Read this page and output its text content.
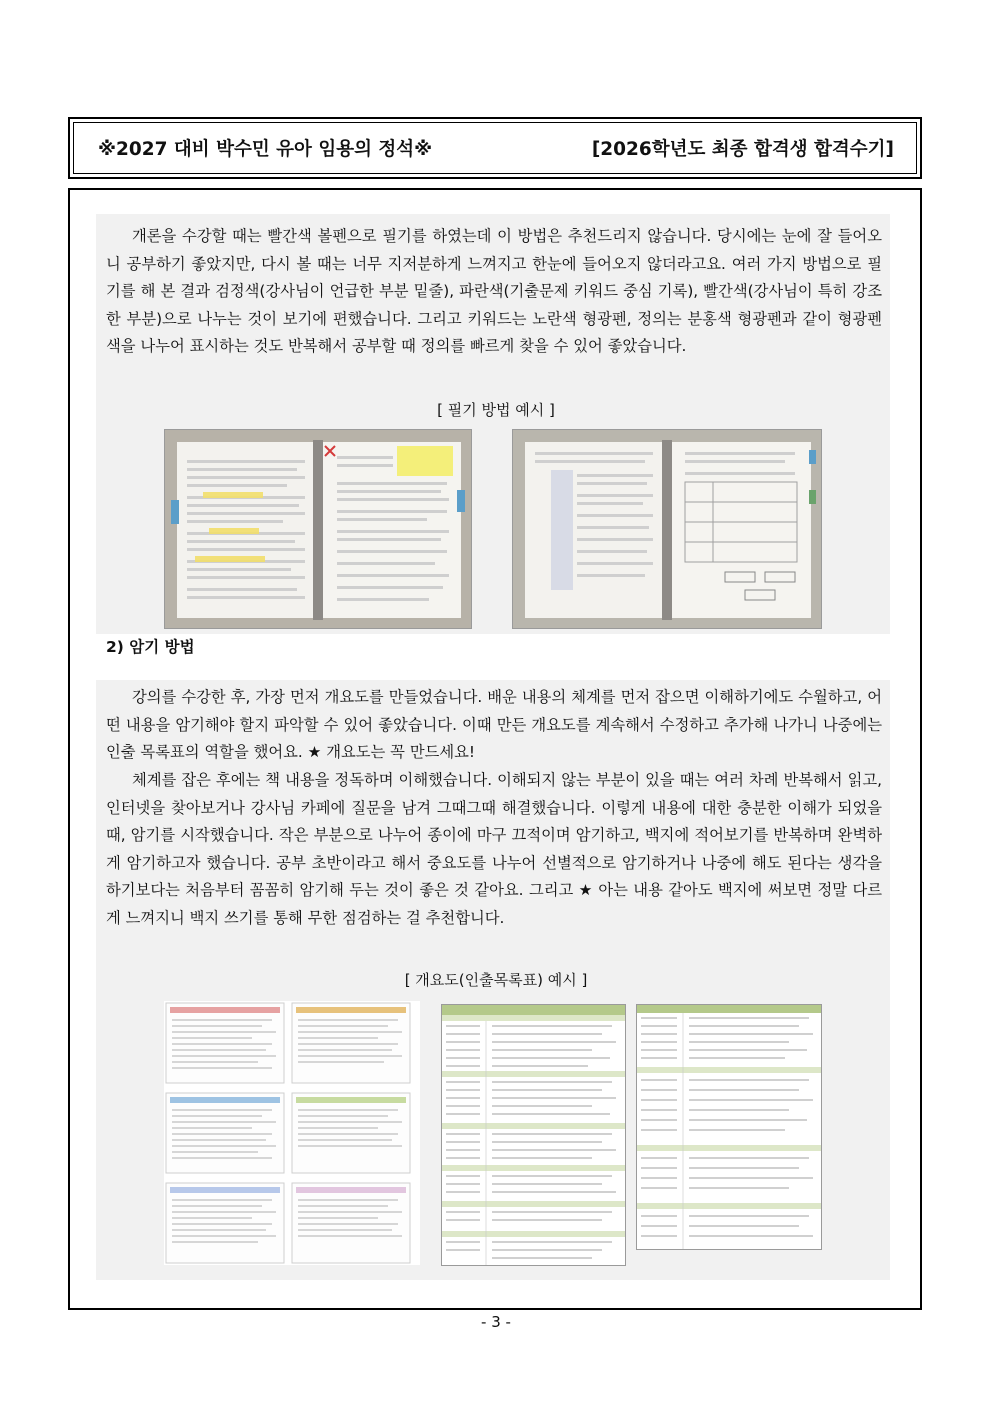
※2027 대비 박수민 유아 임용의 정석※	[2026학년도 최종 합격생 합격수기]

개론을 수강할 때는 빨간색 볼펜으로 필기를 하였는데 이 방법은 추천드리지 않습니다. 당시에는 눈에 잘 들어오니 공부하기 좋았지만, 다시 볼 때는 너무 지저분하게 느껴지고 한눈에 들어오지 않더라고요. 여러 가지 방법으로 필기를 해 본 결과 검정색(강사님이 언급한 부분 밑줄), 파란색(기출문제 키워드 중심 기록), 빨간색(강사님이 특히 강조한 부분)으로 나누는 것이 보기에 편했습니다. 그리고 키워드는 노란색 형광펜, 정의는 분홍색 형광펜과 같이 형광펜 색을 나누어 표시하는 것도 반복해서 공부할 때 정의를 빠르게 찾을 수 있어 좋았습니다.

[ 필기 방법 예시 ]
2) 암기 방법

강의를 수강한 후, 가장 먼저 개요도를 만들었습니다. 배운 내용의 체계를 먼저 잡으면 이해하기에도 수월하고, 어떤 내용을 암기해야 할지 파악할 수 있어 좋았습니다. 이때 만든 개요도를 계속해서 수정하고 추가해 나가니 나중에는 인출 목록표의 역할을 했어요. ★ 개요도는 꼭 만드세요!

체계를 잡은 후에는 책 내용을 정독하며 이해했습니다. 이해되지 않는 부분이 있을 때는 여러 차례 반복해서 읽고, 인터넷을 찾아보거나 강사님 카페에 질문을 남겨 그때그때 해결했습니다. 이렇게 내용에 대한 충분한 이해가 되었을 때, 암기를 시작했습니다. 작은 부분으로 나누어 종이에 마구 끄적이며 암기하고, 백지에 적어보기를 반복하며 완벽하게 암기하고자 했습니다. 공부 초반이라고 해서 중요도를 나누어 선별적으로 암기하거나 나중에 해도 된다는 생각을 하기보다는 처음부터 꼼꼼히 암기해 두는 것이 좋은 것 같아요. 그리고 ★ 아는 내용 같아도 백지에 써보면 정말 다르게 느껴지니 백지 쓰기를 통해 무한 점검하는 걸 추천합니다.

[ 개요도(인출목록표) 예시 ]
- 3 -
